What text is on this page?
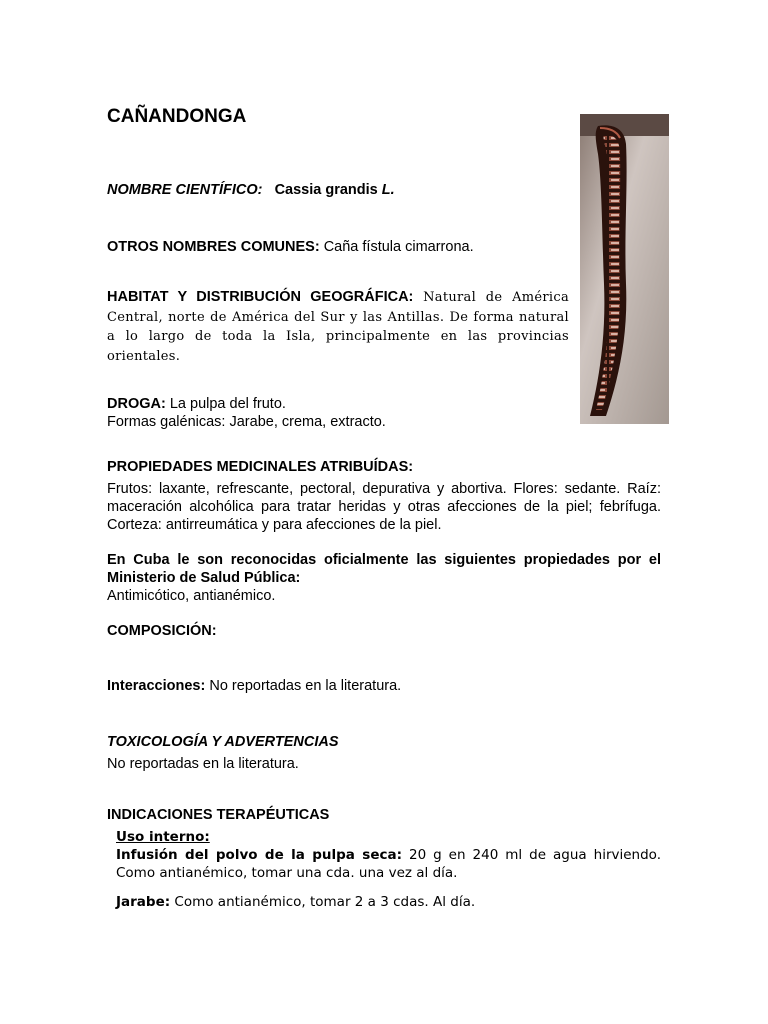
CAÑANDONGA
NOMBRE CIENTÍFICO: Cassia grandis L.
OTROS NOMBRES COMUNES: Caña fístula cimarrona.
HABITAT Y DISTRIBUCIÓN GEOGRÁFICA: Natural de América Central, norte de América del Sur y las Antillas. De forma natural a lo largo de toda la Isla, principalmente en las provincias orientales.
DROGA: La pulpa del fruto.
Formas galénicas: Jarabe, crema, extracto.
PROPIEDADES MEDICINALES ATRIBUÍDAS:
Frutos: laxante, refrescante, pectoral, depurativa y abortiva. Flores: sedante. Raíz: maceración alcohólica para tratar heridas y otras afecciones de la piel; febrífuga. Corteza: antirreumática y para afecciones de la piel.
En Cuba le son reconocidas oficialmente las siguientes propiedades por el Ministerio de Salud Pública:
Antimicótico, antianémico.
COMPOSICIÓN:
Interacciones: No reportadas en la literatura.
TOXICOLOGÍA Y ADVERTENCIAS
No reportadas en la literatura.
INDICACIONES TERAPÉUTICAS
Uso interno:
Infusión del polvo de la pulpa seca: 20 g en 240 ml de agua hirviendo. Como antianémico, tomar una cda. una vez al día.
Jarabe: Como antianémico, tomar 2 a 3 cdas. Al día.
